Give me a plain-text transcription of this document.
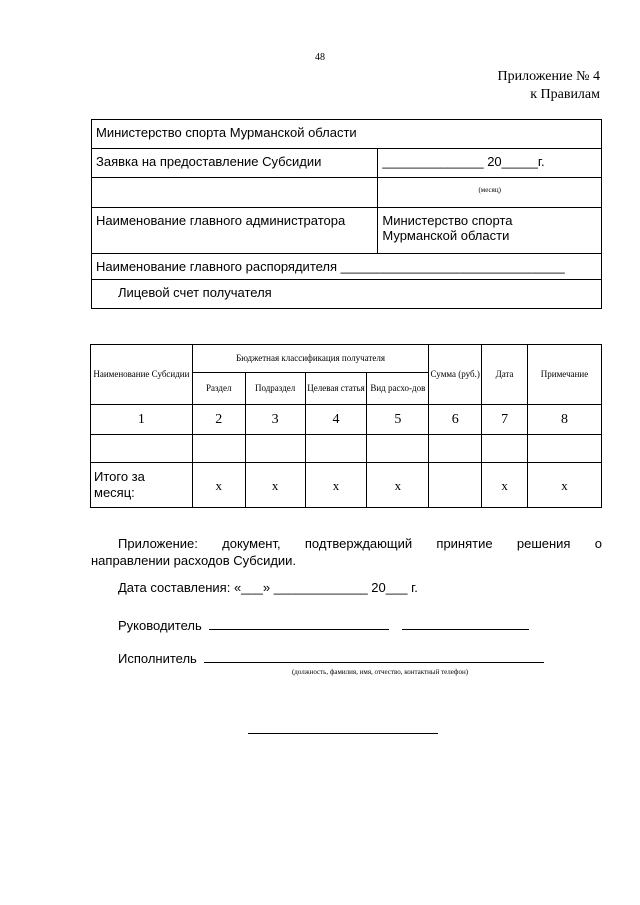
48
Приложение № 4
к Правилам
Министерство спорта Мурманской области	
Заявка на предоставление Субсидии	______________ 20_____г.
	(месяц)
Наименование главного администратора	Министерство спорта
Мурманской области

Наименование главного распорядителя _______________________________	
Лицевой счет получателя	
Наименование Субсидии	Бюджетная классификация получателя				Сумма (руб.)	Дата	Примечание
	Раздел	Подраздел	Целевая статья	Вид расхо-дов			
1	2	3	4	5	6	7	8

Итого за месяц:	х	х	х	х		х	х
Приложение: документ, подтверждающий принятие решения о
направлении расходов Субсидии.
Дата составления: «___» _____________ 20___ г.
Руководитель
Исполнитель
(должность, фамилия, имя, отчество, контактный телефон)
